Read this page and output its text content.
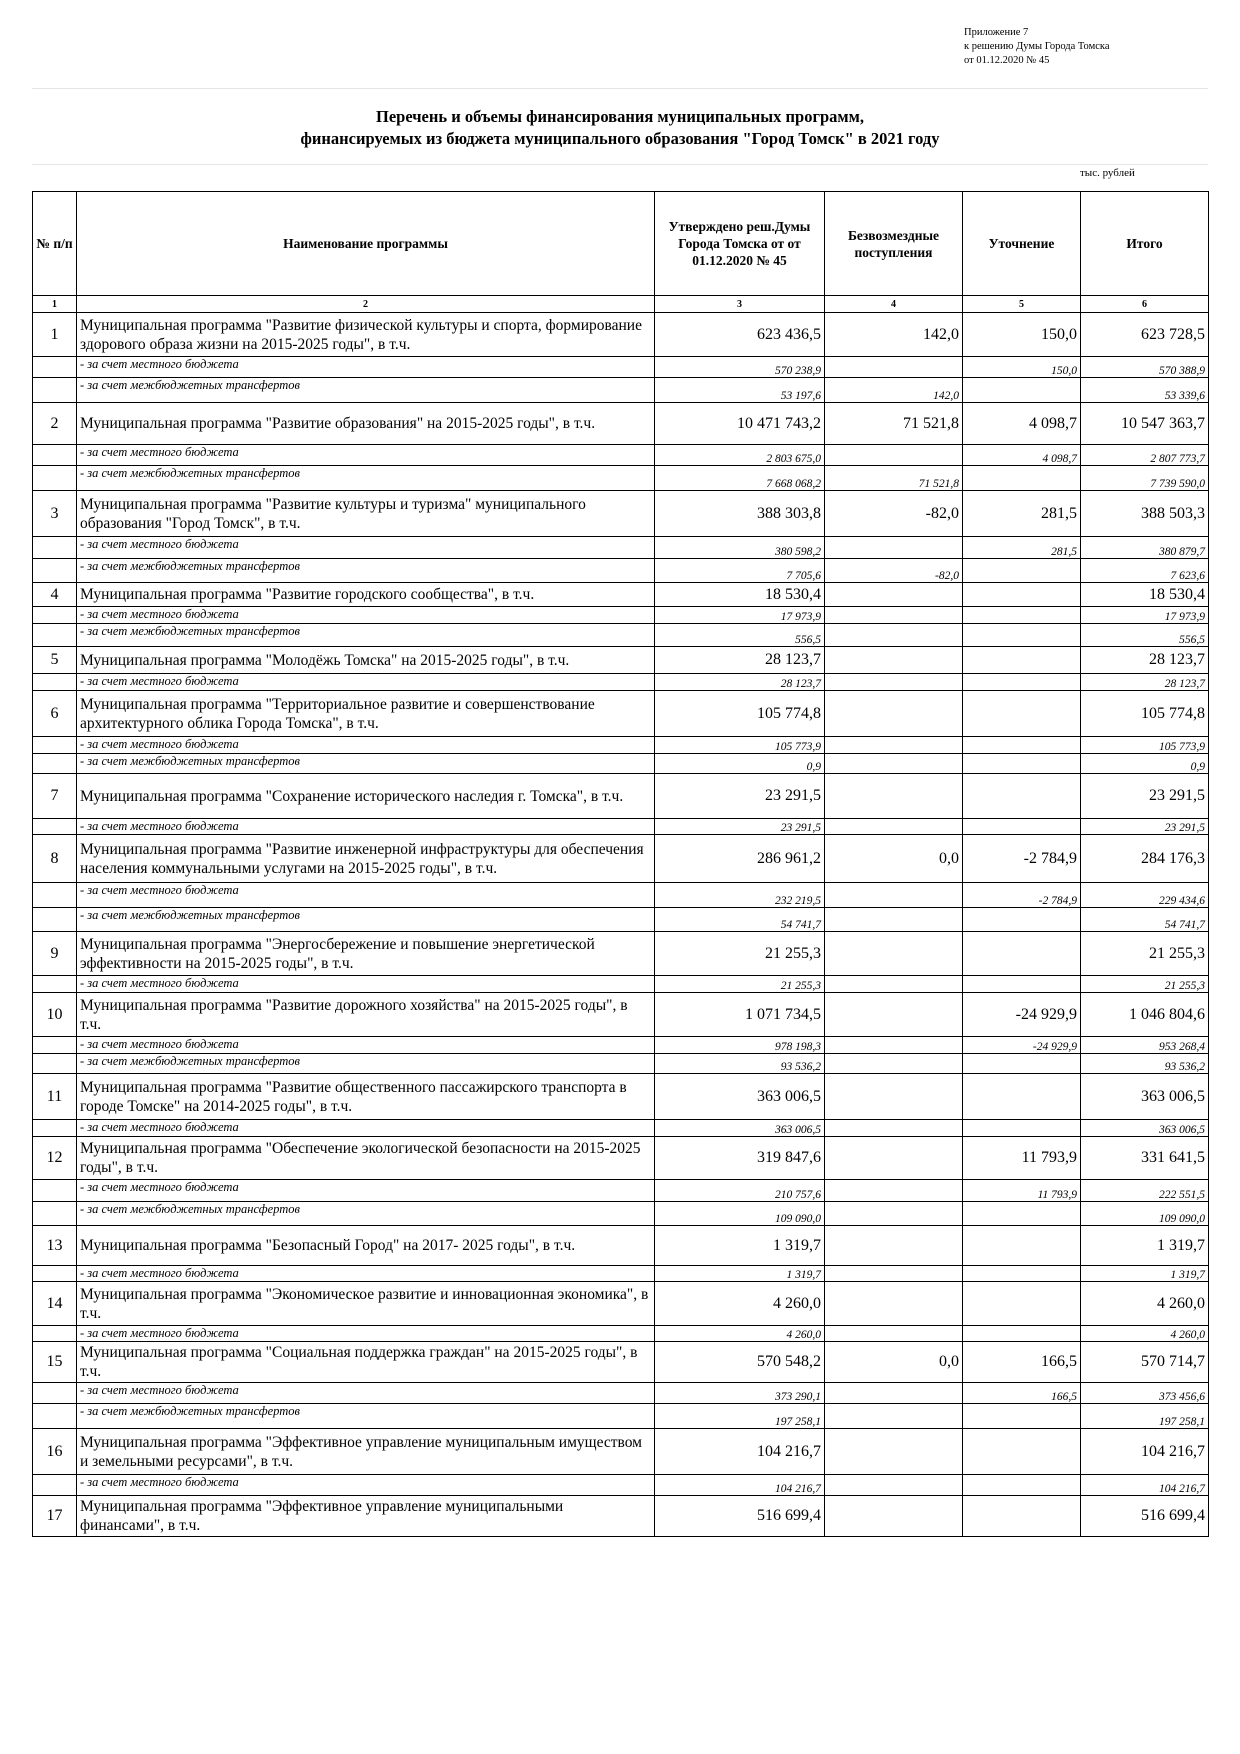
Приложение 7
к решению Думы Города Томска
от 01.12.2020 № 45
Перечень и объемы финансирования муниципальных программ,
финансируемых из бюджета муниципального образования "Город Томск" в 2021 году
тыс. рублей
№ п/п	Наименование программы	Утверждено реш.Думы Города Томска от от 01.12.2020 № 45	Безвозмездные поступления	Уточнение	Итого
1	2	3	4	5	6
1	Муниципальная программа "Развитие физической культуры и спорта, формирование здорового образа жизни на 2015-2025 годы", в т.ч.	623 436,5	142,0	150,0	623 728,5
	- за счет местного бюджета	570 238,9		150,0	570 388,9
	- за счет межбюджетных трансфертов	53 197,6	142,0		53 339,6
2	Муниципальная программа "Развитие образования" на 2015-2025 годы", в т.ч.	10 471 743,2	71 521,8	4 098,7	10 547 363,7
	- за счет местного бюджета	2 803 675,0		4 098,7	2 807 773,7
	- за счет межбюджетных трансфертов	7 668 068,2	71 521,8		7 739 590,0
3	Муниципальная программа "Развитие культуры и туризма" муниципального образования "Город Томск", в т.ч.	388 303,8	-82,0	281,5	388 503,3
	- за счет местного бюджета	380 598,2		281,5	380 879,7
	- за счет межбюджетных трансфертов	7 705,6	-82,0		7 623,6
4	Муниципальная программа "Развитие городского сообщества", в т.ч.	18 530,4			18 530,4
	- за счет местного бюджета	17 973,9			17 973,9
	- за счет межбюджетных трансфертов	556,5			556,5
5	Муниципальная программа "Молодёжь Томска" на 2015-2025 годы", в т.ч.	28 123,7			28 123,7
	- за счет местного бюджета	28 123,7			28 123,7
6	Муниципальная программа "Территориальное развитие и совершенствование архитектурного облика Города Томска", в т.ч.	105 774,8			105 774,8
	- за счет местного бюджета	105 773,9			105 773,9
	- за счет межбюджетных трансфертов	0,9			0,9
7	Муниципальная программа "Сохранение исторического наследия г. Томска", в т.ч.	23 291,5			23 291,5
	- за счет местного бюджета	23 291,5			23 291,5
8	Муниципальная программа "Развитие инженерной инфраструктуры для обеспечения населения коммунальными услугами на 2015-2025 годы", в т.ч.	286 961,2	0,0	-2 784,9	284 176,3
	- за счет местного бюджета	232 219,5		-2 784,9	229 434,6
	- за счет межбюджетных трансфертов	54 741,7			54 741,7
9	Муниципальная программа "Энергосбережение и повышение энергетической эффективности на 2015-2025 годы", в т.ч.	21 255,3			21 255,3
	- за счет местного бюджета	21 255,3			21 255,3
10	Муниципальная программа "Развитие дорожного хозяйства" на 2015-2025 годы", в т.ч.	1 071 734,5		-24 929,9	1 046 804,6
	- за счет местного бюджета	978 198,3		-24 929,9	953 268,4
	- за счет межбюджетных трансфертов	93 536,2			93 536,2
11	Муниципальная программа "Развитие общественного пассажирского транспорта в городе Томске" на 2014-2025 годы", в т.ч.	363 006,5			363 006,5
	- за счет местного бюджета	363 006,5			363 006,5
12	Муниципальная программа "Обеспечение экологической безопасности на 2015-2025 годы", в т.ч.	319 847,6		11 793,9	331 641,5
	- за счет местного бюджета	210 757,6		11 793,9	222 551,5
	- за счет межбюджетных трансфертов	109 090,0			109 090,0
13	Муниципальная программа "Безопасный Город" на 2017- 2025 годы", в т.ч.	1 319,7			1 319,7
	- за счет местного бюджета	1 319,7			1 319,7
14	Муниципальная программа "Экономическое развитие и инновационная экономика", в т.ч.	4 260,0			4 260,0
	- за счет местного бюджета	4 260,0			4 260,0
15	Муниципальная программа "Социальная поддержка граждан" на 2015-2025 годы", в т.ч.	570 548,2	0,0	166,5	570 714,7
	- за счет местного бюджета	373 290,1		166,5	373 456,6
	- за счет межбюджетных трансфертов	197 258,1			197 258,1
16	Муниципальная программа "Эффективное управление муниципальным имуществом и земельными ресурсами", в т.ч.	104 216,7			104 216,7
	- за счет местного бюджета	104 216,7			104 216,7
17	Муниципальная программа "Эффективное управление муниципальными финансами", в т.ч.	516 699,4			516 699,4
